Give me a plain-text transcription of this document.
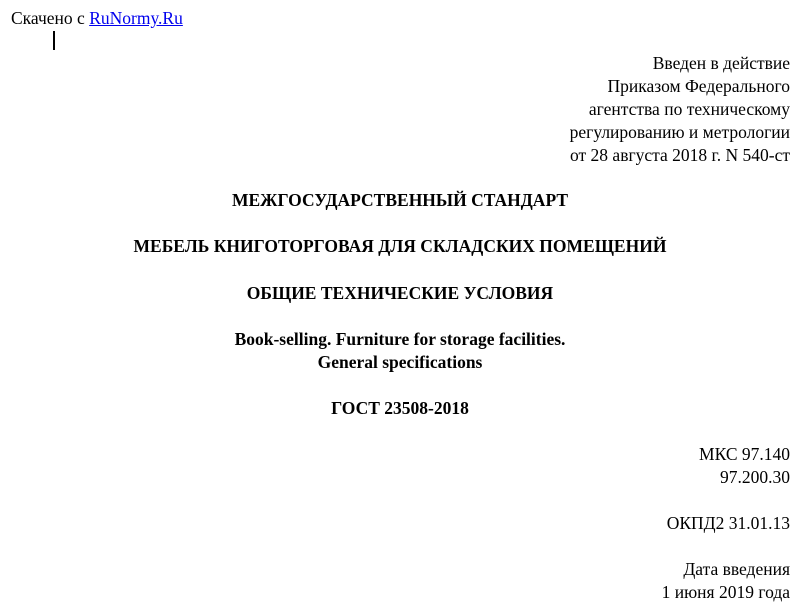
Скачено с RuNormy.Ru
Введен в действие
Приказом Федерального
агентства по техническому
регулированию и метрологии
от 28 августа 2018 г. N 540-ст
МЕЖГОСУДАРСТВЕННЫЙ СТАНДАРТ
МЕБЕЛЬ КНИГОТОРГОВАЯ ДЛЯ СКЛАДСКИХ ПОМЕЩЕНИЙ
ОБЩИЕ ТЕХНИЧЕСКИЕ УСЛОВИЯ
Book-selling. Furniture for storage facilities.
General specifications
ГОСТ 23508-2018
МКС 97.140
97.200.30
ОКПД2 31.01.13
Дата введения
1 июня 2019 года
